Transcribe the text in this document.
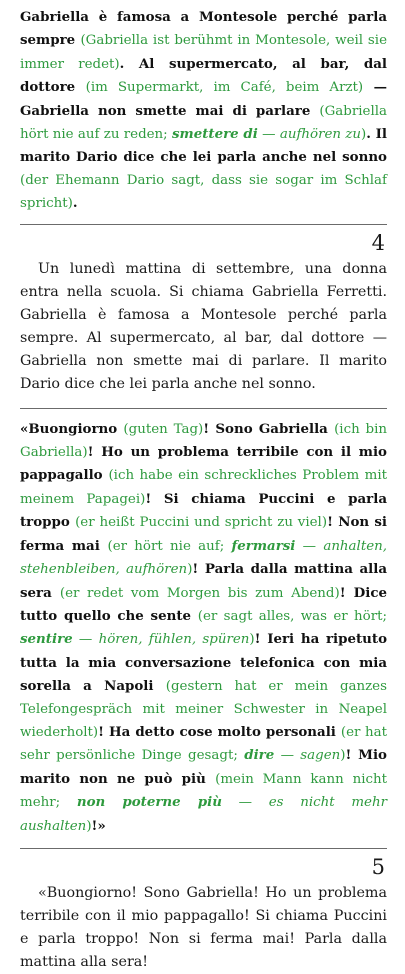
Gabriella è famosa a Montesole perché parla sempre (Gabriella ist berühmt in Montesole, weil sie immer redet). Al supermercato, al bar, dal dottore (im Supermarkt, im Café, beim Arzt) — Gabriella non smette mai di parlare (Gabriella hört nie auf zu reden; smettere di — aufhören zu). Il marito Dario dice che lei parla anche nel sonno (der Ehemann Dario sagt, dass sie sogar im Schlaf spricht).
4

Un lunedì mattina di settembre, una donna entra nella scuola. Si chiama Gabriella Ferretti. Gabriella è famosa a Montesole perché parla sempre. Al supermercato, al bar, dal dottore — Gabriella non smette mai di parlare. Il marito Dario dice che lei parla anche nel sonno.

«Buongiorno (guten Tag)! Sono Gabriella (ich bin Gabriella)! Ho un problema terribile con il mio pappagallo (ich habe ein schreckliches Problem mit meinem Papagei)! Si chiama Puccini e parla troppo (er heißt Puccini und spricht zu viel)! Non si ferma mai (er hört nie auf; fermarsi — anhalten, stehenbleiben, aufhören)! Parla dalla mattina alla sera (er redet vom Morgen bis zum Abend)! Dice tutto quello che sente (er sagt alles, was er hört; sentire — hören, fühlen, spüren)! Ieri ha ripetuto tutta la mia conversazione telefonica con mia sorella a Napoli (gestern hat er mein ganzes Telefongespräch mit meiner Schwester in Neapel wiederholt)! Ha detto cose molto personali (er hat sehr persönliche Dinge gesagt; dire — sagen)! Mio marito non ne può più (mein Mann kann nicht mehr; non poterne più — es nicht mehr aushalten)!»
5

«Buongiorno! Sono Gabriella! Ho un problema terribile con il mio pappagallo! Si chiama Puccini e parla troppo! Non si ferma mai! Parla dalla mattina alla sera!
